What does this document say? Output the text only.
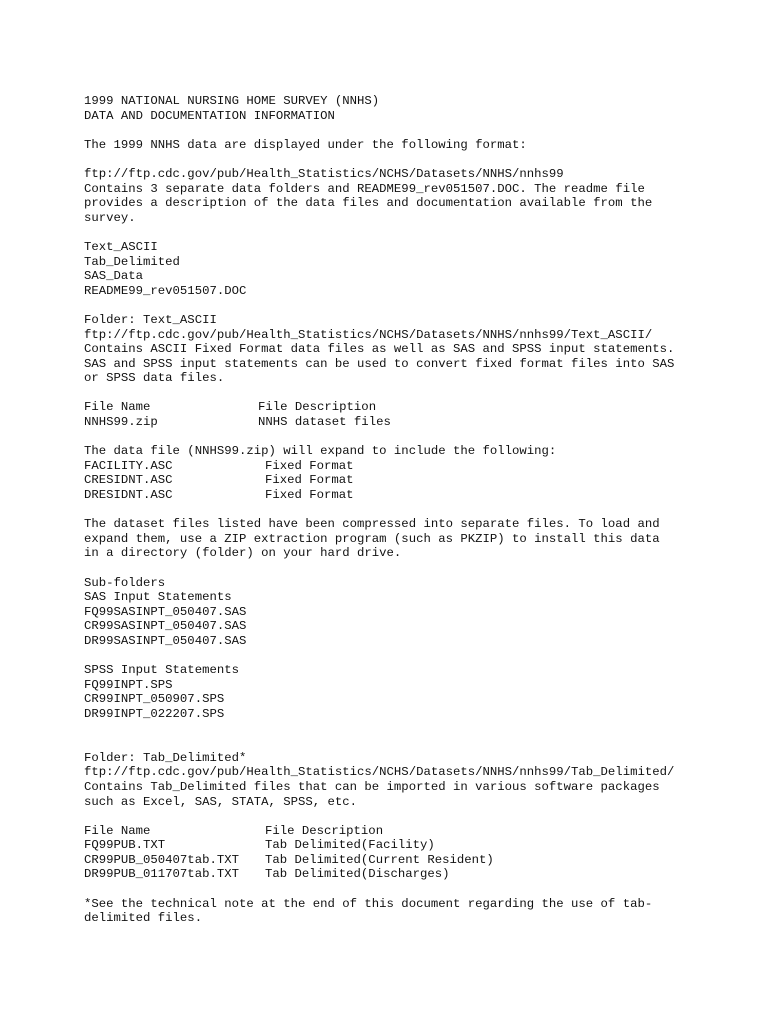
1999 NATIONAL NURSING HOME SURVEY (NNHS)
DATA AND DOCUMENTATION INFORMATION
The 1999 NNHS data are displayed under the following format:
ftp://ftp.cdc.gov/pub/Health_Statistics/NCHS/Datasets/NNHS/nnhs99
Contains 3 separate data folders and README99_rev051507.DOC. The readme file
provides a description of the data files and documentation available from the
survey.
Text_ASCII
Tab_Delimited
SAS_Data
README99_rev051507.DOC
Folder: Text_ASCII
ftp://ftp.cdc.gov/pub/Health_Statistics/NCHS/Datasets/NNHS/nnhs99/Text_ASCII/
Contains ASCII Fixed Format data files as well as SAS and SPSS input statements.
SAS and SPSS input statements can be used to convert fixed format files into SAS
or SPSS data files.
File Name	File Description
NNHS99.zip	NNHS dataset files
The data file (NNHS99.zip) will expand to include the following:
FACILITY.ASC	Fixed Format
CRESIDNT.ASC	Fixed Format
DRESIDNT.ASC	Fixed Format
The dataset files listed have been compressed into separate files. To load and
expand them, use a ZIP extraction program (such as PKZIP) to install this data
in a directory (folder) on your hard drive.
Sub-folders
SAS Input Statements
FQ99SASINPT_050407.SAS
CR99SASINPT_050407.SAS
DR99SASINPT_050407.SAS
SPSS Input Statements
FQ99INPT.SPS
CR99INPT_050907.SPS
DR99INPT_022207.SPS
Folder: Tab_Delimited*
ftp://ftp.cdc.gov/pub/Health_Statistics/NCHS/Datasets/NNHS/nnhs99/Tab_Delimited/
Contains Tab_Delimited files that can be imported in various software packages
such as Excel, SAS, STATA, SPSS, etc.
File Name	File Description
FQ99PUB.TXT	Tab Delimited(Facility)
CR99PUB_050407tab.TXT	Tab Delimited(Current Resident)
DR99PUB_011707tab.TXT	Tab Delimited(Discharges)
*See the technical note at the end of this document regarding the use of tab-
delimited files.
